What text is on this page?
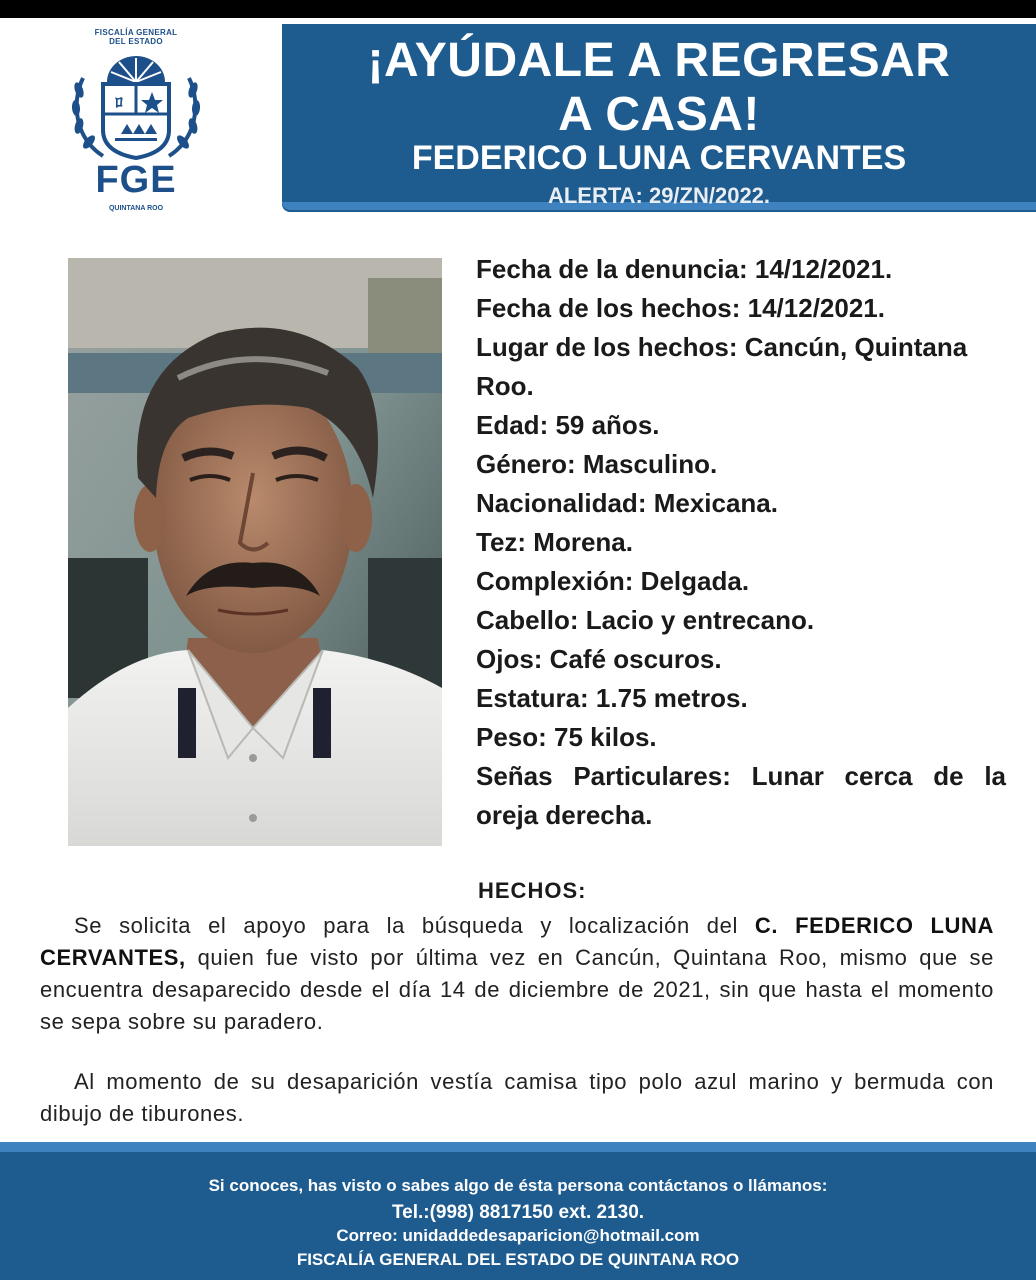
FISCALÍA GENERAL
DEL ESTADO
ﾛ
FGE
QUINTANA ROO
¡AYÚDALE A REGRESAR
A CASA!
FEDERICO LUNA CERVANTES
ALERTA: 29/ZN/2022.
Fecha de la denuncia: 14/12/2021.
Fecha de los hechos: 14/12/2021.
Lugar de los hechos: Cancún, Quintana Roo.
Edad: 59 años.
Género: Masculino.
Nacionalidad: Mexicana.
Tez: Morena.
Complexión: Delgada.
Cabello: Lacio y entrecano.
Ojos: Café oscuros.
Estatura: 1.75 metros.
Peso: 75 kilos.
Señas Particulares: Lunar cerca de la oreja derecha.
HECHOS:

Se solicita el apoyo para la búsqueda y localización del C. FEDERICO LUNA CERVANTES, quien fue visto por última vez en Cancún, Quintana Roo, mismo que se encuentra desaparecido desde el día 14 de diciembre de 2021, sin que hasta el momento se sepa sobre su paradero.

Al momento de su desaparición vestía camisa tipo polo azul marino y bermuda con dibujo de tiburones.

Si conoces, has visto o sabes algo de ésta persona contáctanos o llámanos:

Tel.:(998) 8817150 ext. 2130.

Correo: unidaddedesaparicion@hotmail.com

FISCALÍA GENERAL DEL ESTADO DE QUINTANA ROO
